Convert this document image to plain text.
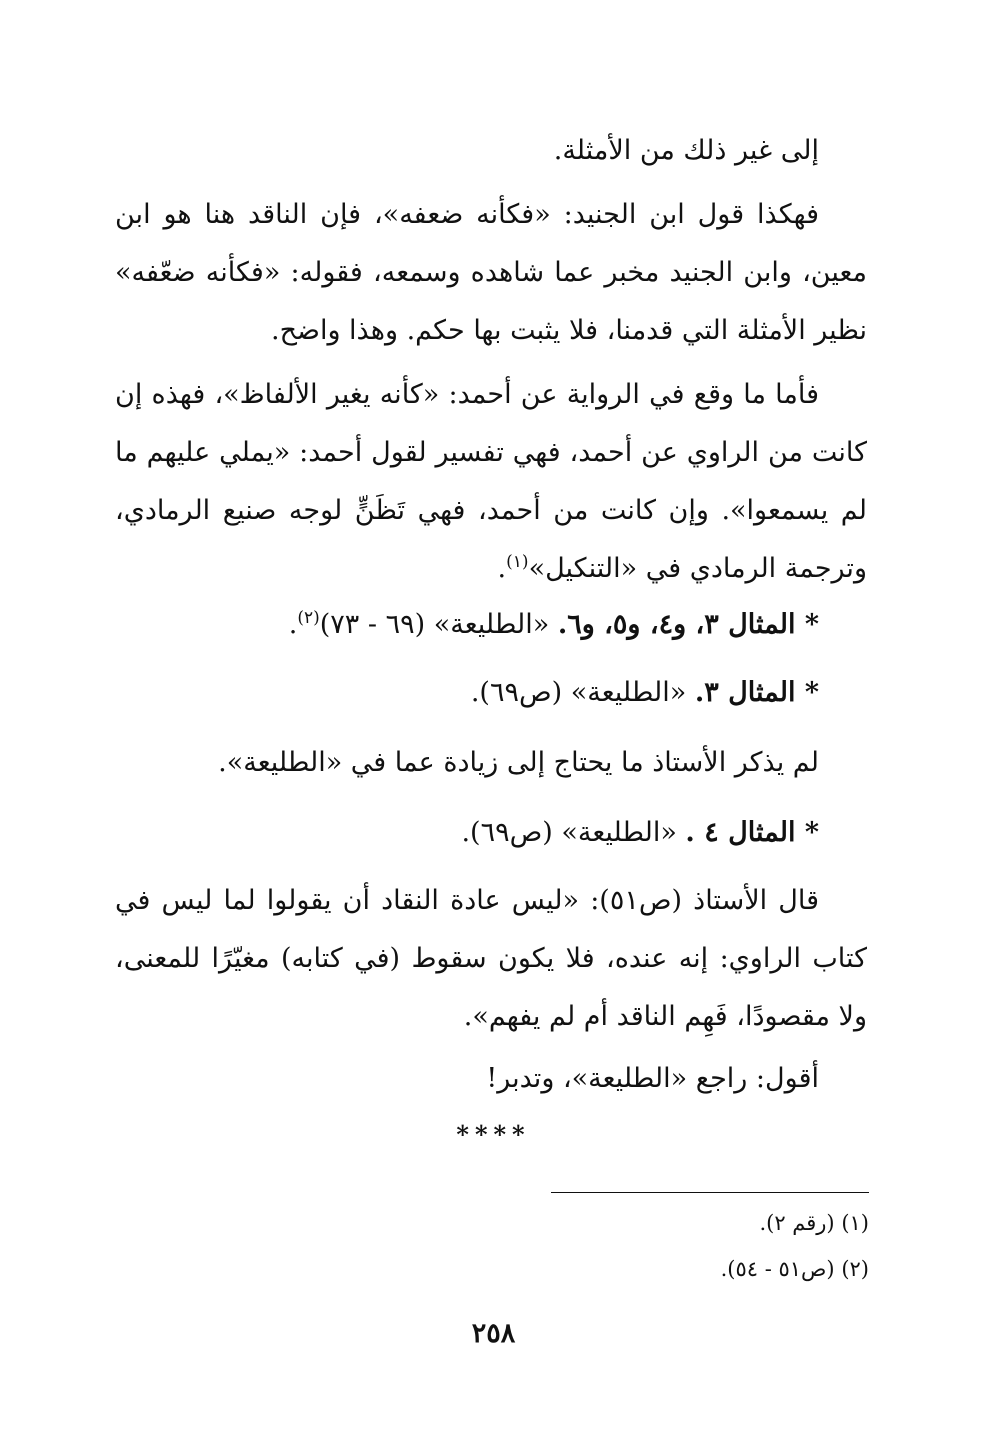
إلى غير ذلك من الأمثلة.

فهكذا قول ابن الجنيد: «فكأنه ضعفه»، فإن الناقد هنا هو ابن معين، وابن الجنيد مخبر عما شاهده وسمعه، فقوله: «فكأنه ضعّفه» نظير الأمثلة التي قدمنا، فلا يثبت بها حكم. وهذا واضح.

فأما ما وقع في الرواية عن أحمد: «كأنه يغير الألفاظ»، فهذه إن كانت من الراوي عن أحمد، فهي تفسير لقول أحمد: «يملي عليهم ما لم يسمعوا». وإن كانت من أحمد، فهي تَظَنٍّ لوجه صنيع الرمادي، وترجمة الرمادي في «التنكيل»$^{(١)}$.

* المثال ٣، و٤، و٥، و٦. «الطليعة» (٦٩ - ٧٣)$^{(٢)}$.

* المثال ٣. «الطليعة» (ص٦٩).

لم يذكر الأستاذ ما يحتاج إلى زيادة عما في «الطليعة».

* المثال ٤ . «الطليعة» (ص٦٩).

قال الأستاذ (ص٥١): «ليس عادة النقاد أن يقولوا لما ليس في كتاب الراوي: إنه عنده، فلا يكون سقوط (في كتابه) مغيّرًا للمعنى، ولا مقصودًا، فَهِم الناقد أم لم يفهم».

أقول: راجع «الطليعة»، وتدبر!

****
(١) (رقم ٢).
(٢) (ص٥١ - ٥٤).
٢٥٨
